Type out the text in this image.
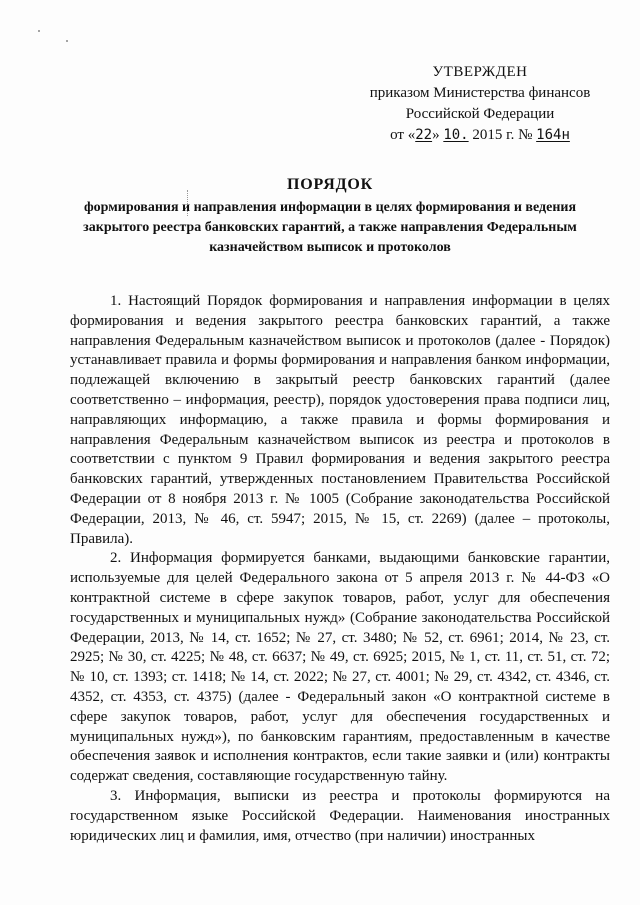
УТВЕРЖДЕН
приказом Министерства финансов
Российской Федерации
от «22» 10. 2015 г. № 164н
ПОРЯДОК
формирования и направления информации в целях формирования и ведения закрытого реестра банковских гарантий, а также направления Федеральным казначейством выписок и протоколов

1. Настоящий Порядок формирования и направления информации в целях формирования и ведения закрытого реестра банковских гарантий, а также направления Федеральным казначейством выписок и протоколов (далее - Порядок) устанавливает правила и формы формирования и направления банком информации, подлежащей включению в закрытый реестр банковских гарантий (далее соответственно – информация, реестр), порядок удостоверения права подписи лиц, направляющих информацию, а также правила и формы формирования и направления Федеральным казначейством выписок из реестра и протоколов в соответствии с пунктом 9 Правил формирования и ведения закрытого реестра банковских гарантий, утвержденных постановлением Правительства Российской Федерации от 8 ноября 2013 г. № 1005 (Собрание законодательства Российской Федерации, 2013, № 46, ст. 5947; 2015, № 15, ст. 2269) (далее – протоколы, Правила).

2. Информация формируется банками, выдающими банковские гарантии, используемые для целей Федерального закона от 5 апреля 2013 г. № 44-ФЗ «О контрактной системе в сфере закупок товаров, работ, услуг для обеспечения государственных и муниципальных нужд» (Собрание законодательства Российской Федерации, 2013, № 14, ст. 1652; № 27, ст. 3480; № 52, ст. 6961; 2014, № 23, ст. 2925; № 30, ст. 4225; № 48, ст. 6637; № 49, ст. 6925; 2015, № 1, ст. 11, ст. 51, ст. 72; № 10, ст. 1393; ст. 1418; № 14, ст. 2022; № 27, ст. 4001; № 29, ст. 4342, ст. 4346, ст. 4352, ст. 4353, ст. 4375) (далее - Федеральный закон «О контрактной системе в сфере закупок товаров, работ, услуг для обеспечения государственных и муниципальных нужд»), по банковским гарантиям, предоставленным в качестве обеспечения заявок и исполнения контрактов, если такие заявки и (или) контракты содержат сведения, составляющие государственную тайну.

3. Информация, выписки из реестра и протоколы формируются на государственном языке Российской Федерации. Наименования иностранных юридических лиц и фамилия, имя, отчество (при наличии) иностранных
